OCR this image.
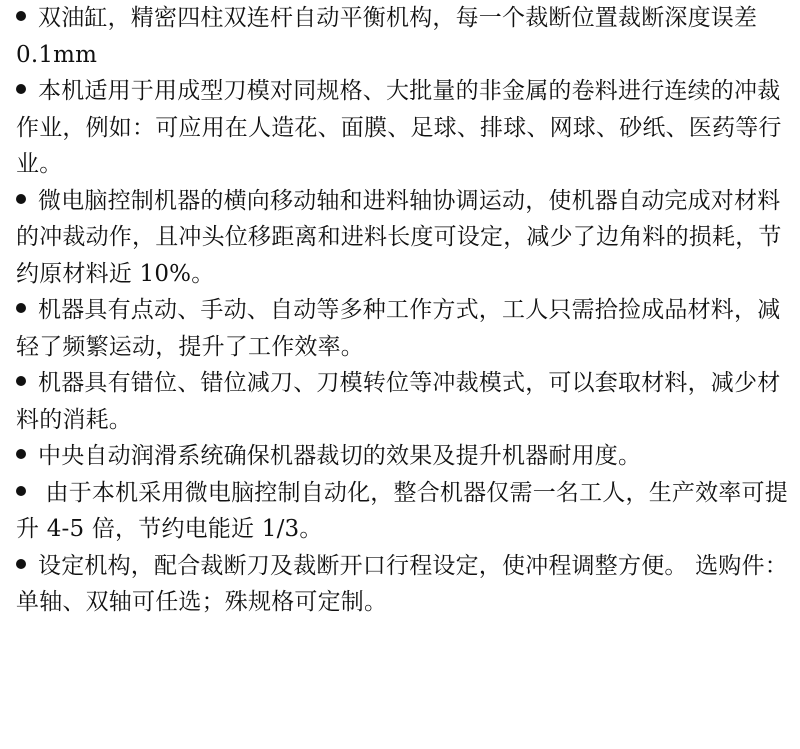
双油缸，精密四柱双连杆自动平衡机构，每一个裁断位置裁断深度误差 0.1mm
本机适用于用成型刀模对同规格、大批量的非金属的卷料进行连续的冲裁作业，例如：可应用在人造花、面膜、足球、排球、网球、砂纸、医药等行业。
微电脑控制机器的横向移动轴和进料轴协调运动，使机器自动完成对材料的冲裁动作，且冲头位移距离和进料长度可设定，减少了边角料的损耗，节约原材料近 10%。
机器具有点动、手动、自动等多种工作方式，工人只需拾捡成品材料，减轻了频繁运动，提升了工作效率。
机器具有错位、错位减刀、刀模转位等冲裁模式，可以套取材料，减少材料的消耗。
中央自动润滑系统确保机器裁切的效果及提升机器耐用度。
由于本机采用微电脑控制自动化，整合机器仅需一名工人，生产效率可提升 4-5 倍，节约电能近 1/3。
设定机构，配合裁断刀及裁断开口行程设定，使冲程调整方便。 选购件：单轴、双轴可任选；殊规格可定制。
